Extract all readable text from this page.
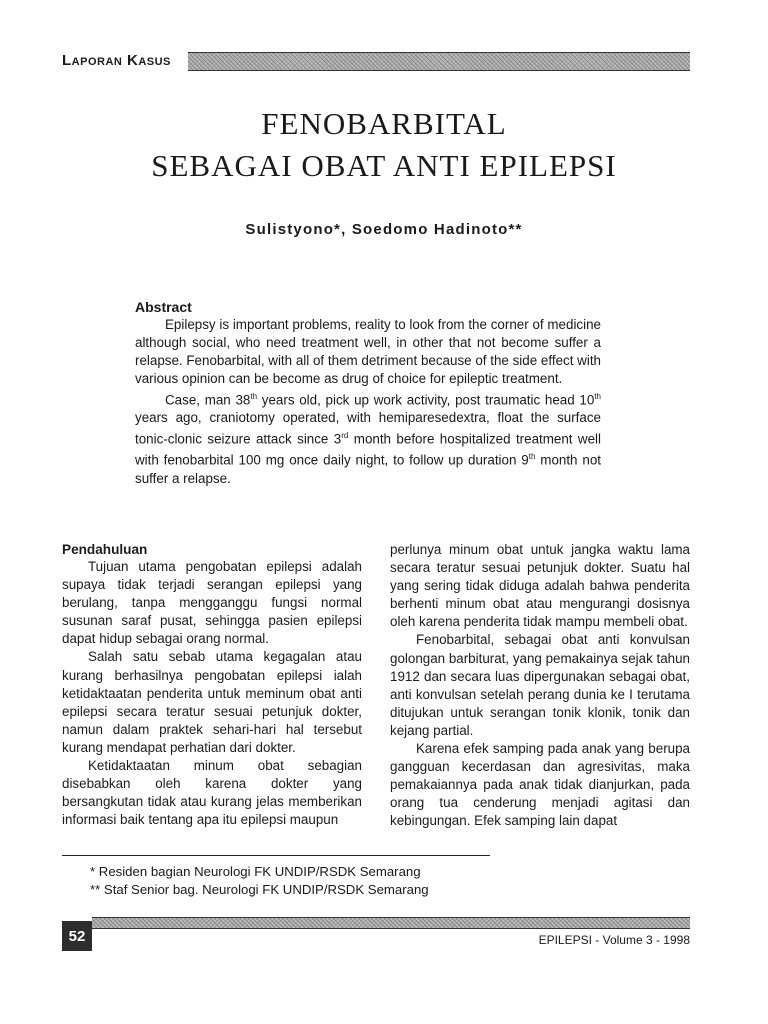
Laporan Kasus
FENOBARBITAL
SEBAGAI OBAT ANTI EPILEPSI
Sulistyono*, Soedomo Hadinoto**
Abstract

Epilepsy is important problems, reality to look from the corner of medicine although social, who need treatment well, in other that not become suffer a relapse. Fenobarbital, with all of them detriment because of the side effect with various opinion can be become as drug of choice for epileptic treatment.

Case, man 38th years old, pick up work activity, post traumatic head 10th years ago, craniotomy operated, with hemiparesedextra, float the surface tonic-clonic seizure attack since 3rd month before hospitalized treatment well with fenobarbital 100 mg once daily night, to follow up duration 9th month not suffer a relapse.

Pendahuluan

Tujuan utama pengobatan epilepsi adalah supaya tidak terjadi serangan epilepsi yang berulang, tanpa mengganggu fungsi normal susunan saraf pusat, sehingga pasien epilepsi dapat hidup sebagai orang normal.

Salah satu sebab utama kegagalan atau kurang berhasilnya pengobatan epilepsi ialah ketidaktaatan penderita untuk meminum obat anti epilepsi secara teratur sesuai petunjuk dokter, namun dalam praktek sehari-hari hal tersebut kurang mendapat perhatian dari dokter.

Ketidaktaatan minum obat sebagian disebabkan oleh karena dokter yang bersangkutan tidak atau kurang jelas memberikan informasi baik tentang apa itu epilepsi maupun

perlunya minum obat untuk jangka waktu lama secara teratur sesuai petunjuk dokter. Suatu hal yang sering tidak diduga adalah bahwa penderita berhenti minum obat atau mengurangi dosisnya oleh karena penderita tidak mampu membeli obat.

Fenobarbital, sebagai obat anti konvulsan golongan barbiturat, yang pemakainya sejak tahun 1912 dan secara luas dipergunakan sebagai obat, anti konvulsan setelah perang dunia ke I terutama ditujukan untuk serangan tonik klonik, tonik dan kejang partial.

Karena efek samping pada anak yang berupa gangguan kecerdasan dan agresivitas, maka pemakaiannya pada anak tidak dianjurkan, pada orang tua cenderung menjadi agitasi dan kebingungan. Efek samping lain dapat

* Residen bagian Neurologi FK UNDIP/RSDK Semarang
** Staf Senior bag. Neurologi FK UNDIP/RSDK Semarang
52	EPILEPSI - Volume 3 - 1998
